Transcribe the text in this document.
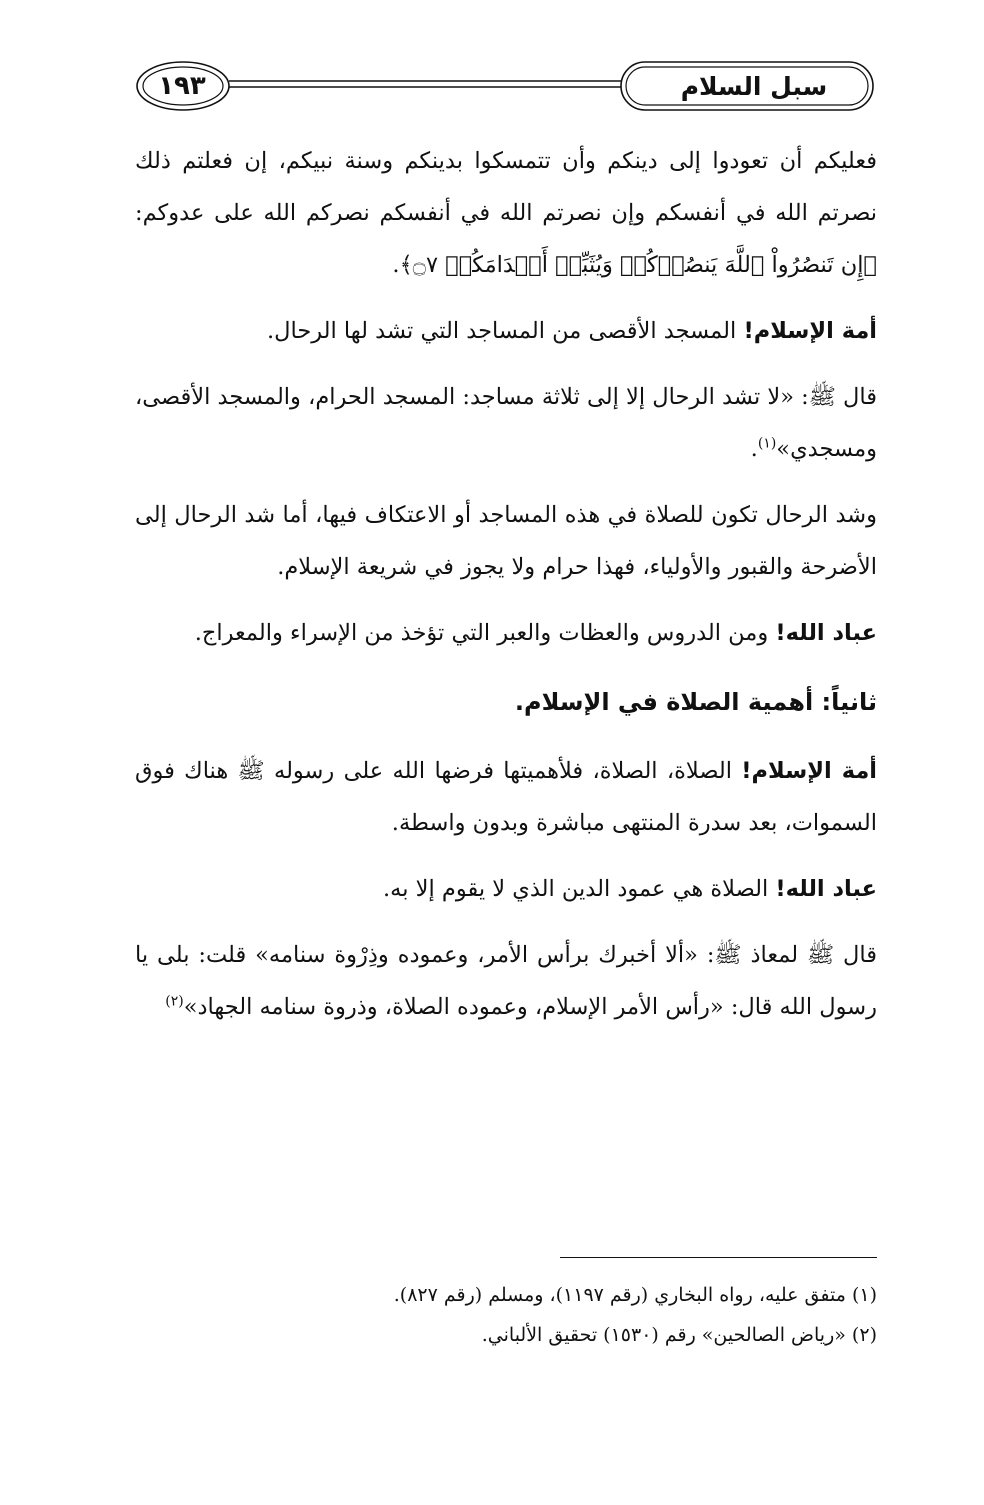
سبل السلام
١٩٣

فعليكم أن تعودوا إلى دينكم وأن تتمسكوا بدينكم وسنة نبيكم، إن فعلتم ذلك نصرتم الله في أنفسكم وإن نصرتم الله في أنفسكم نصركم الله على عدوكم: ﴿إِن تَنصُرُواْ ٱللَّهَ يَنصُرۡكُمۡ وَيُثَبِّتۡ أَقۡدَامَكُمۡ ۝٧﴾.

أمة الإسلام! المسجد الأقصى من المساجد التي تشد لها الرحال.

قال ﷺ: «لا تشد الرحال إلا إلى ثلاثة مساجد: المسجد الحرام، والمسجد الأقصى، ومسجدي»$^{(١)}$.

وشد الرحال تكون للصلاة في هذه المساجد أو الاعتكاف فيها، أما شد الرحال إلى الأضرحة والقبور والأولياء، فهذا حرام ولا يجوز في شريعة الإسلام.

عباد الله! ومن الدروس والعظات والعبر التي تؤخذ من الإسراء والمعراج.

ثانياً: أهمية الصلاة في الإسلام.

أمة الإسلام! الصلاة، الصلاة، فلأهميتها فرضها الله على رسوله ﷺ هناك فوق السموات، بعد سدرة المنتهى مباشرة وبدون واسطة.

عباد الله! الصلاة هي عمود الدين الذي لا يقوم إلا به.

قال ﷺ لمعاذ ﷺ: «ألا أخبرك برأس الأمر، وعموده وذِرْوة سنامه» قلت: بلى يا رسول الله قال: «رأس الأمر الإسلام، وعموده الصلاة، وذروة سنامه الجهاد»$^{(٢)}$

(١) متفق عليه، رواه البخاري (رقم ١١٩٧)، ومسلم (رقم ٨٢٧).

(٢) «رياض الصالحين» رقم (١٥٣٠) تحقيق الألباني.
